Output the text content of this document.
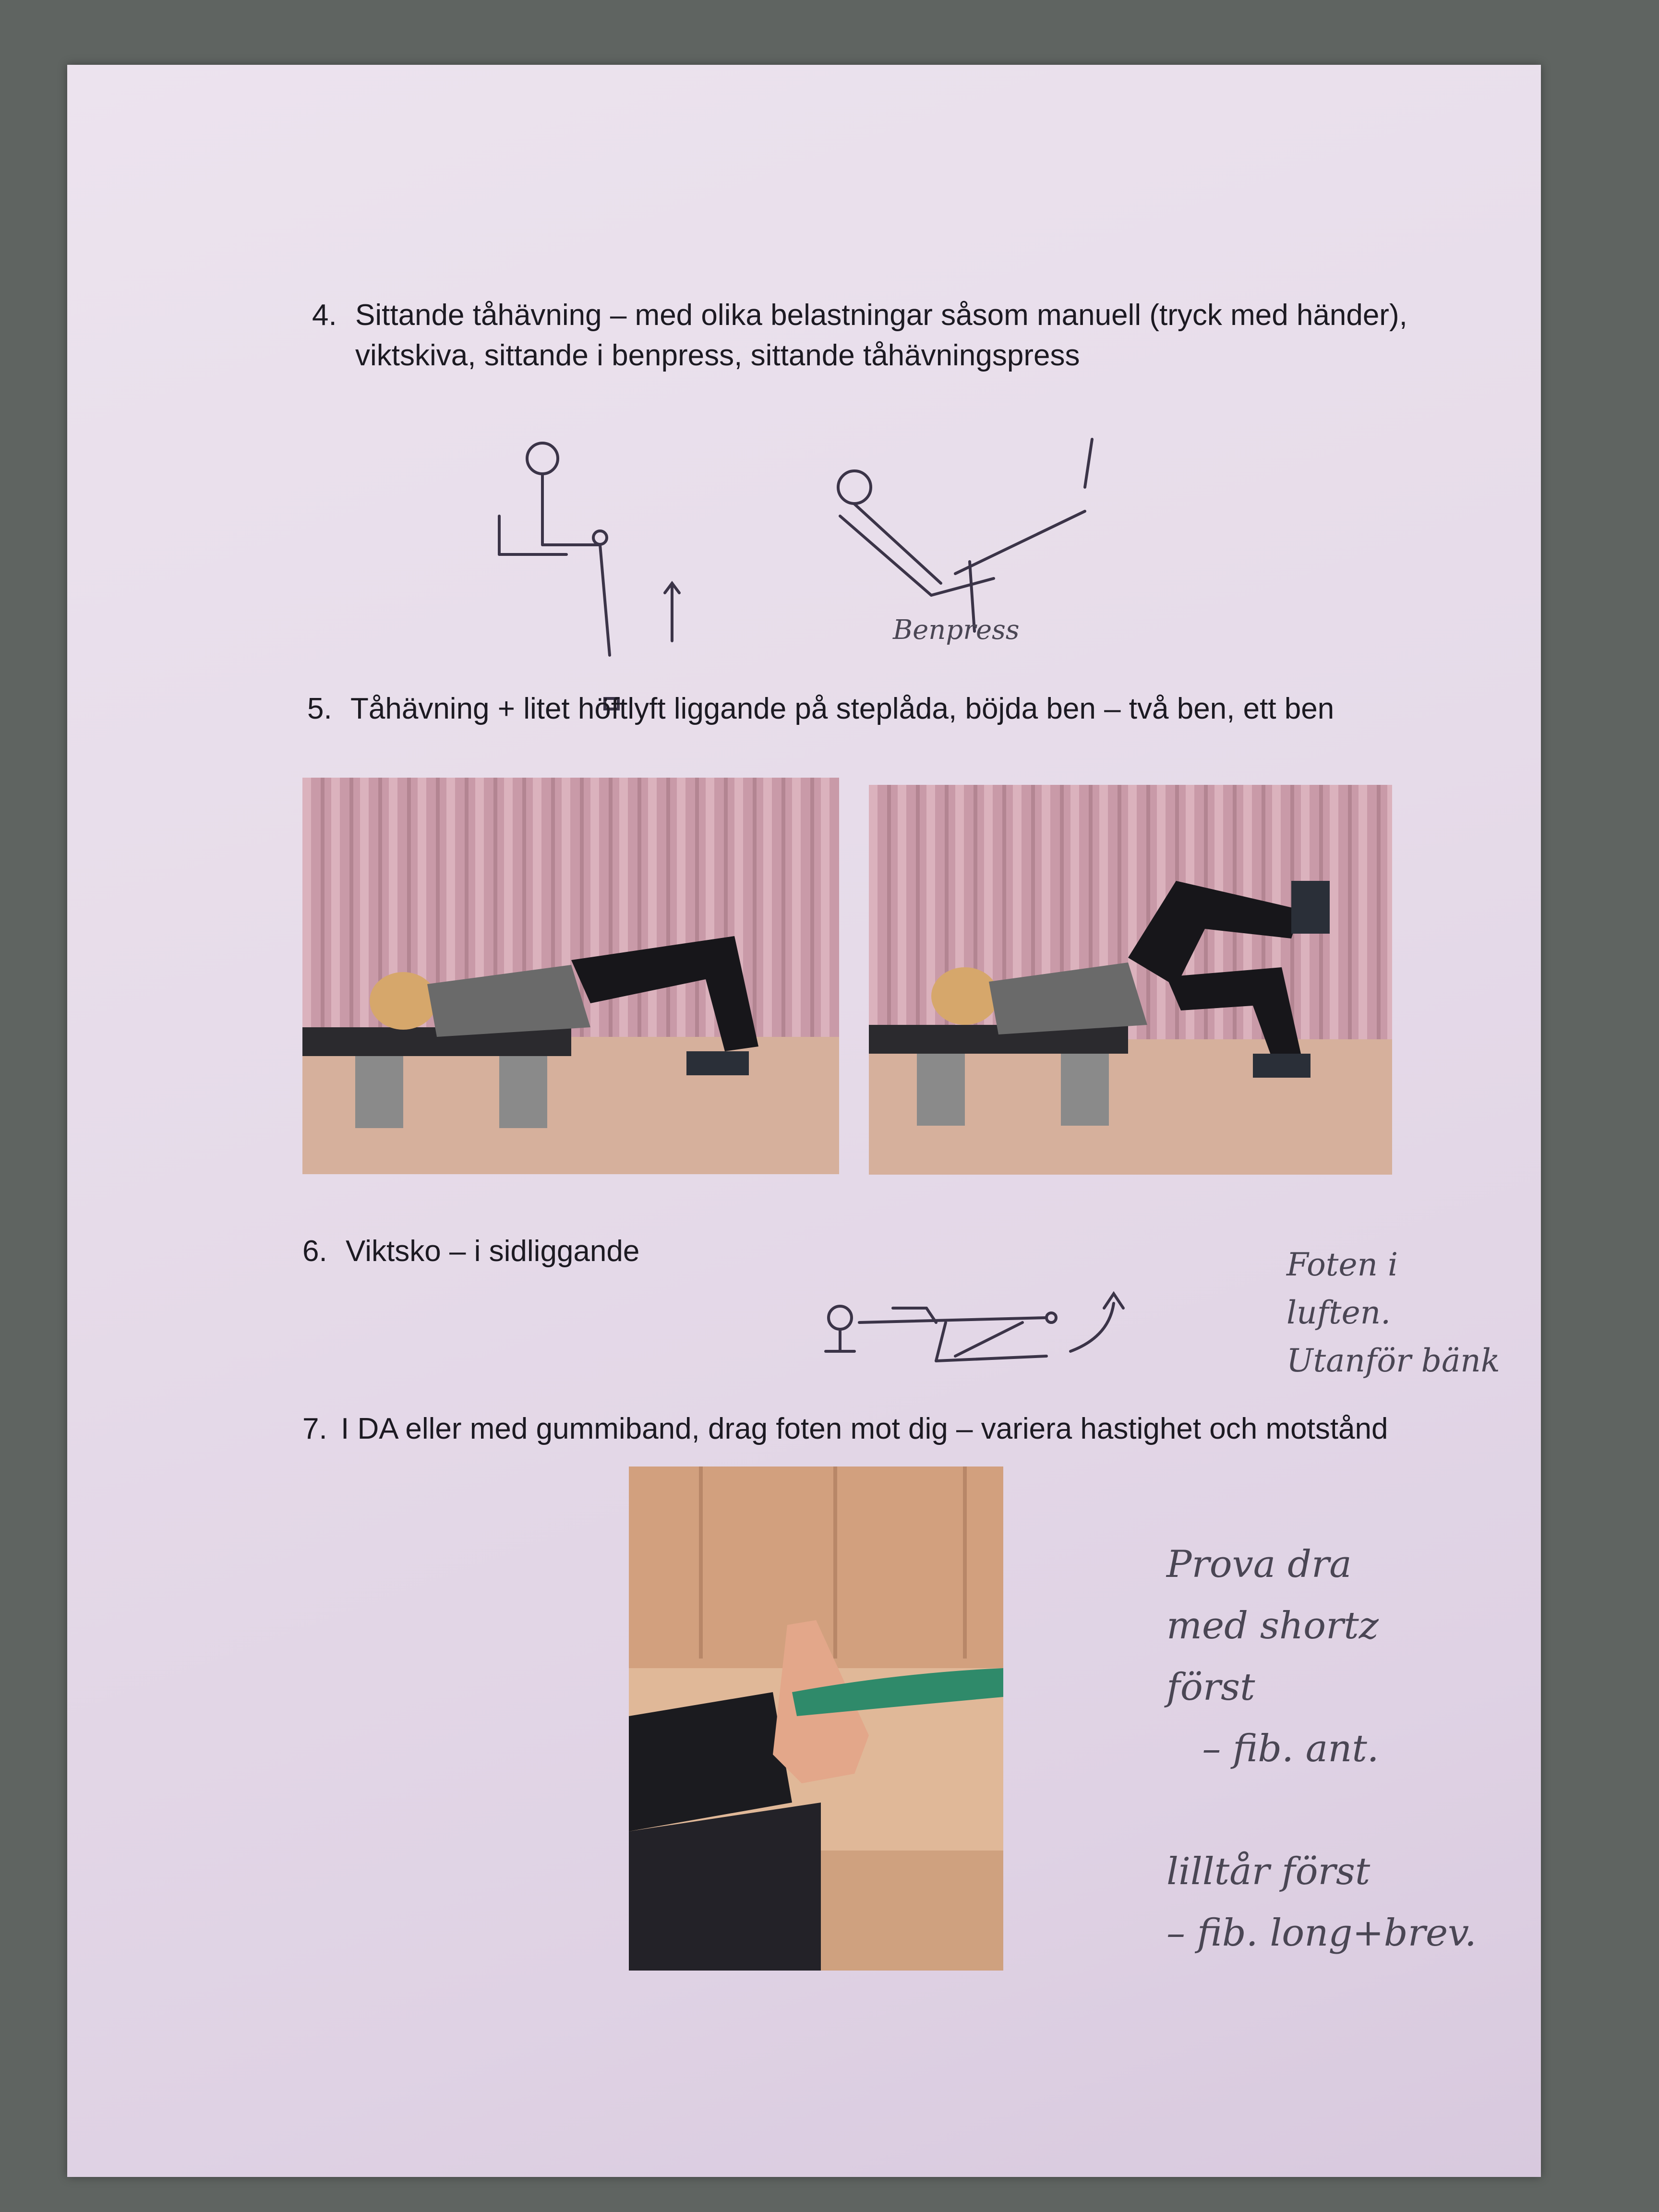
4. Sittande tåhävning – med olika belastningar såsom manuell (tryck med händer), viktskiva, sittande i benpress, sittande tåhävningspress
Benpress
5. Tåhävning + litet höftlyft liggande på steplåda, böjda ben – två ben, ett ben
6. Viktsko – i sidliggande	Foten i
luften.
Utanför bänk
7. I DA eller med gummiband, drag foten mot dig – variera hastighet och motstånd
Prova dra
med shortz
först
– fib. ant.

lilltår först
– fib. long+brev.
